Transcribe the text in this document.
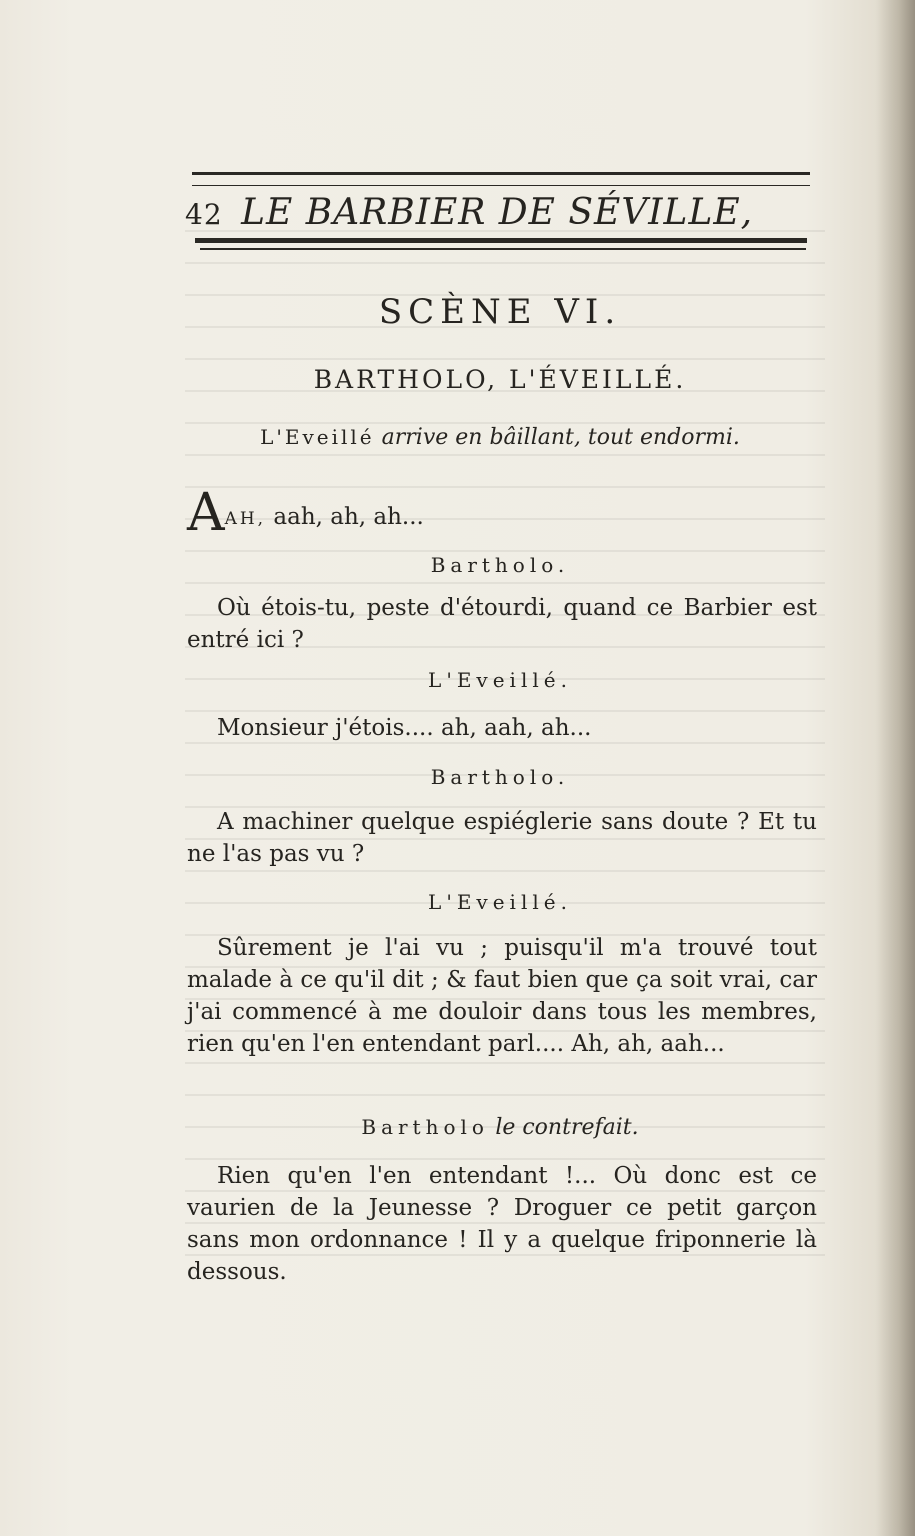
42 LE BARBIER DE SÉVILLE,
SCÈNE VI.
BARTHOLO, L'ÉVEILLÉ.
L'Eveillé arrive en bâillant, tout endormi.
AAH, aah, ah, ah...
Bartholo.
Où étois-tu, peste d'étourdi, quand ce Barbier est entré ici ?
L'Eveillé.
Monsieur j'étois.... ah, aah, ah...
Bartholo.
A machiner quelque espiéglerie sans doute ? Et tu ne l'as pas vu ?
L'Eveillé.
Sûrement je l'ai vu ; puisqu'il m'a trouvé tout malade à ce qu'il dit ; & faut bien que ça soit vrai, car j'ai commencé à me douloir dans tous les membres, rien qu'en l'en entendant parl.... Ah, ah, aah...
Bartholo le contrefait.
Rien qu'en l'en entendant !... Où donc est ce vaurien de la Jeunesse ? Droguer ce petit garçon sans mon ordonnance ! Il y a quelque friponnerie là dessous.
